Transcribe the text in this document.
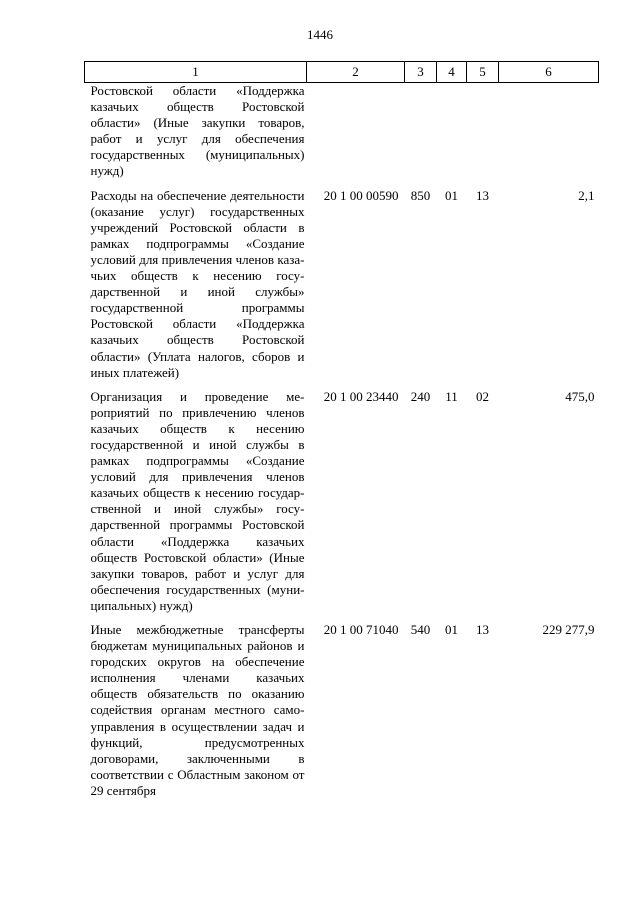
1446
1	2	3	4	5	6
Ростовской области «Поддержка казачьих обществ Ростовской области» (Иные закупки товаров, работ и услуг для обеспечения государственных (муниципальных) нужд)					
Расходы на обеспечение деятельности (оказание услуг) государственных учреждений Ростовской области в рамках подпрограммы «Создание условий для привлечения членов казачьих обществ к несению государственной и иной службы» государственной программы Ростовской области «Поддержка казачьих обществ Ростовской области» (Уплата налогов, сборов и иных платежей)	20 1 00 00590	850	01	13	2,1
Организация и проведение мероприятий по привлечению членов казачьих обществ к несению государственной и иной службы в рамках подпрограммы «Создание условий для привлечения членов казачьих обществ к несению государственной и иной службы» государственной программы Ростовской области «Поддержка казачьих обществ Ростовской области» (Иные закупки товаров, работ и услуг для обеспечения государственных (муниципальных) нужд)	20 1 00 23440	240	11	02	475,0
Иные межбюджетные трансферты бюджетам муниципальных районов и городских округов на обеспечение исполнения членами казачьих обществ обязательств по оказанию содействия органам местного самоуправления в осуществлении задач и функций, предусмотренных договорами, заключенными в соответствии с Областным законом от 29 сентября	20 1 00 71040	540	01	13	229 277,9
